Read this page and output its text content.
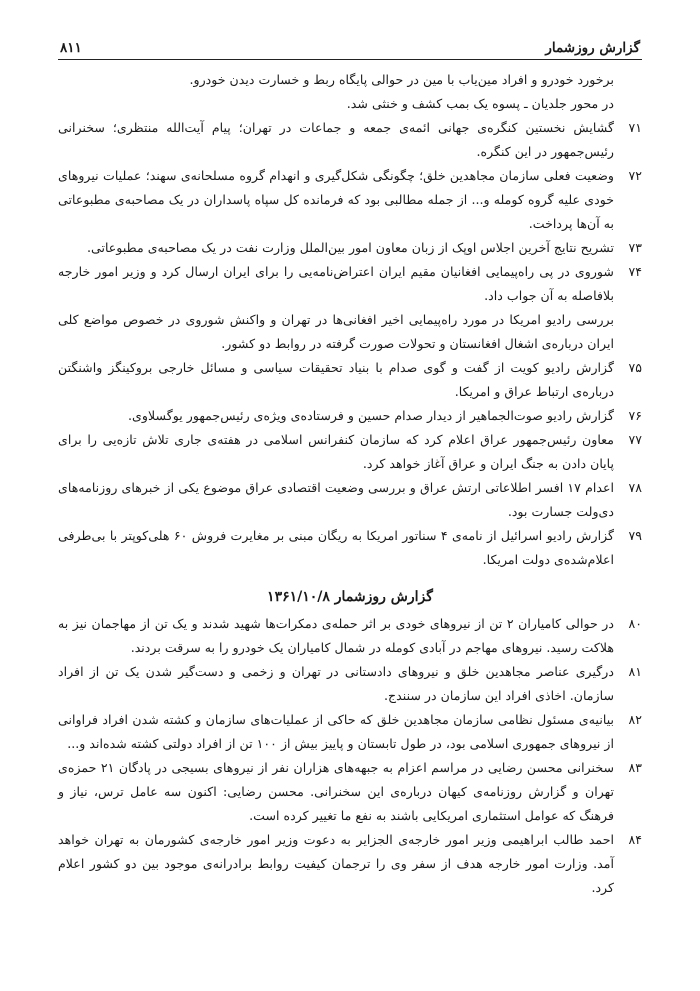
گزارش روزشمار
۸۱۱
برخورد خودرو و افراد مین‌یاب با مین در حوالی پایگاه ربط و خسارت دیدن خودرو.
در محور جلدیان ـ پسوه یک بمب کشف و خنثی شد.
۷۱
گشایش نخستین کنگره‌ی جهانی ائمه‌ی جمعه و جماعات در تهران؛ پیام آیت‌الله منتظری؛ سخنرانی رئیس‌جمهور در این کنگره.
۷۲
وضعیت فعلی سازمان مجاهدین خلق؛ چگونگی شکل‌گیری و انهدام گروه مسلحانه‌ی سهند؛ عملیات نیروهای خودی علیه گروه کومله و... از جمله مطالبی بود که فرمانده کل سپاه پاسداران در یک مصاحبه‌ی مطبوعاتی به آن‌ها پرداخت.
۷۳
تشریح نتایج آخرین اجلاس اوپک از زبان معاون امور بین‌الملل وزارت نفت در یک مصاحبه‌ی مطبوعاتی.
۷۴
شوروی در پی راه‌پیمایی افغانیان مقیم ایران اعتراض‌نامه‌یی را برای ایران ارسال کرد و وزیر امور خارجه بلافاصله به آن جواب داد.
بررسی رادیو امریکا در مورد راه‌پیمایی اخیر افغانی‌ها در تهران و واکنش شوروی در خصوص مواضع کلی ایران درباره‌ی اشغال افغانستان و تحولات صورت گرفته در روابط دو کشور.
۷۵
گزارش رادیو کویت از گفت و گوی صدام با بنیاد تحقیقات سیاسی و مسائل خارجی بروکینگز واشنگتن درباره‌ی ارتباط عراق و امریکا.
۷۶
گزارش رادیو صوت‌الجماهیر از دیدار صدام حسین و فرستاده‌ی ویژه‌ی رئیس‌جمهور یوگسلاوی.
۷۷
معاون رئیس‌جمهور عراق اعلام کرد که سازمان کنفرانس اسلامی در هفته‌ی جاری تلاش تازه‌یی را برای پایان دادن به جنگ ایران و عراق آغاز خواهد کرد.
۷۸
اعدام ۱۷ افسر اطلاعاتی ارتش عراق و بررسی وضعیت اقتصادی عراق موضوع یکی از خبرهای روزنامه‌های دی‌ولت جسارت بود.
۷۹
گزارش رادیو اسرائیل از نامه‌ی ۴ سناتور امریکا به ریگان مبنی بر مغایرت فروش ۶۰ هلی‌کوپتر با بی‌طرفی اعلام‌شده‌ی دولت امریکا.
گزارش روزشمار ۱۳۶۱/۱۰/۸
۸۰
در حوالی کامیاران ۲ تن از نیروهای خودی بر اثر حمله‌ی دمکرات‌ها شهید شدند و یک تن از مهاجمان نیز به هلاکت رسید. نیروهای مهاجم در آبادی کومله در شمال کامیاران یک خودرو را به سرقت بردند.
۸۱
درگیری عناصر مجاهدین خلق و نیروهای دادستانی در تهران و زخمی و دست‌گیر شدن یک تن از افراد سازمان. اخاذی افراد این سازمان در سنندج.
۸۲
بیانیه‌ی مسئول نظامی سازمان مجاهدین خلق که حاکی از عملیات‌های سازمان و کشته شدن افراد فراوانی از نیروهای جمهوری اسلامی بود، در طول تابستان و پاییز بیش از ۱۰۰ تن از افراد دولتی کشته شده‌اند و...
۸۳
سخنرانی محسن رضایی در مراسم اعزام به جبهه‌های هزاران نفر از نیروهای بسیجی در پادگان ۲۱ حمزه‌ی تهران و گزارش روزنامه‌ی کیهان درباره‌ی این سخنرانی. محسن رضایی: اکنون سه عامل ترس، نیاز و فرهنگ که عوامل استثماری امریکایی باشند به نفع ما تغییر کرده است.
۸۴
احمد طالب ابراهیمی وزیر امور خارجه‌ی الجزایر به دعوت وزیر امور خارجه‌ی کشورمان به تهران خواهد آمد. وزارت امور خارجه هدف از سفر وی را ترجمان کیفیت روابط برادرانه‌ی موجود بین دو کشور اعلام کرد.
